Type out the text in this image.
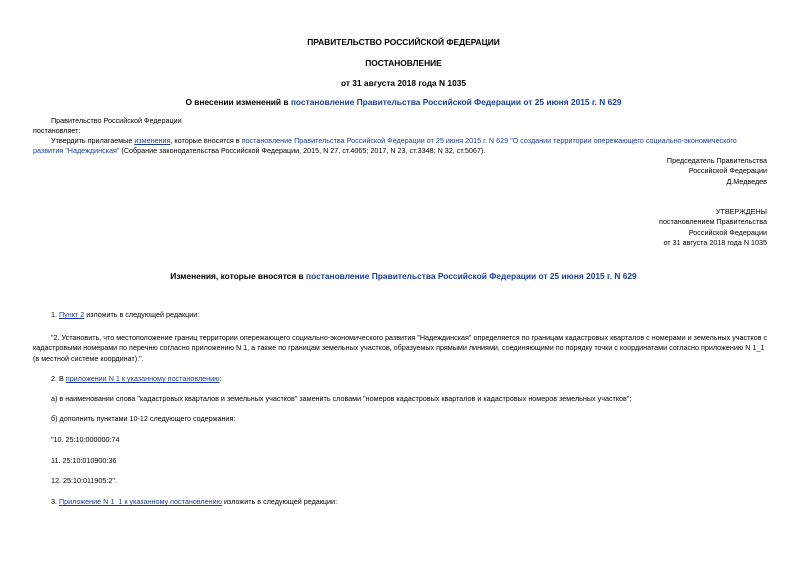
ПРАВИТЕЛЬСТВО РОССИЙСКОЙ ФЕДЕРАЦИИ
ПОСТАНОВЛЕНИЕ
от 31 августа 2018 года N 1035
О внесении изменений в постановление Правительства Российской Федерации от 25 июня 2015 г. N 629
Правительство Российской Федерации
постановляет:
Утвердить прилагаемые изменения, которые вносятся в постановление Правительства Российской Федерации от 25 июня 2015 г. N 629 "О создании территории опережающего социально-экономического развития "Надеждинская" (Собрание законодательства Российской Федерации, 2015, N 27, ст.4065; 2017, N 23, ст.3348; N 32, ст.5067).
Председатель Правительства
Российской Федерации
Д.Медведев
УТВЕРЖДЕНЫ
постановлением Правительства
Российской Федерации
от 31 августа 2018 года N 1035
Изменения, которые вносятся в постановление Правительства Российской Федерации от 25 июня 2015 г. N 629
1. Пункт 2 изложить в следующей редакции:
"2. Установить, что местоположение границ территории опережающего социально-экономического развития "Надеждинская" определяется по границам кадастровых кварталов с номерами и земельных участков с кадастровыми номерами по перечню согласно приложению N 1, а также по границам земельных участков, образуемых прямыми линиями, соединяющими по порядку точки с координатами согласно приложению N 1_1 (в местной системе координат).".
2. В приложении N 1 к указанному постановлению:
а) в наименовании слова "кадастровых кварталов и земельных участков" заменить словами "номеров кадастровых кварталов и кадастровых номеров земельных участков";
б) дополнить пунктами 10-12 следующего содержания:
"10. 25:10:000000:74
11. 25:10:010900:36
12. 25:10:011905:2".
3. Приложение N 1_1 к указанному постановлению изложить в следующей редакции:
